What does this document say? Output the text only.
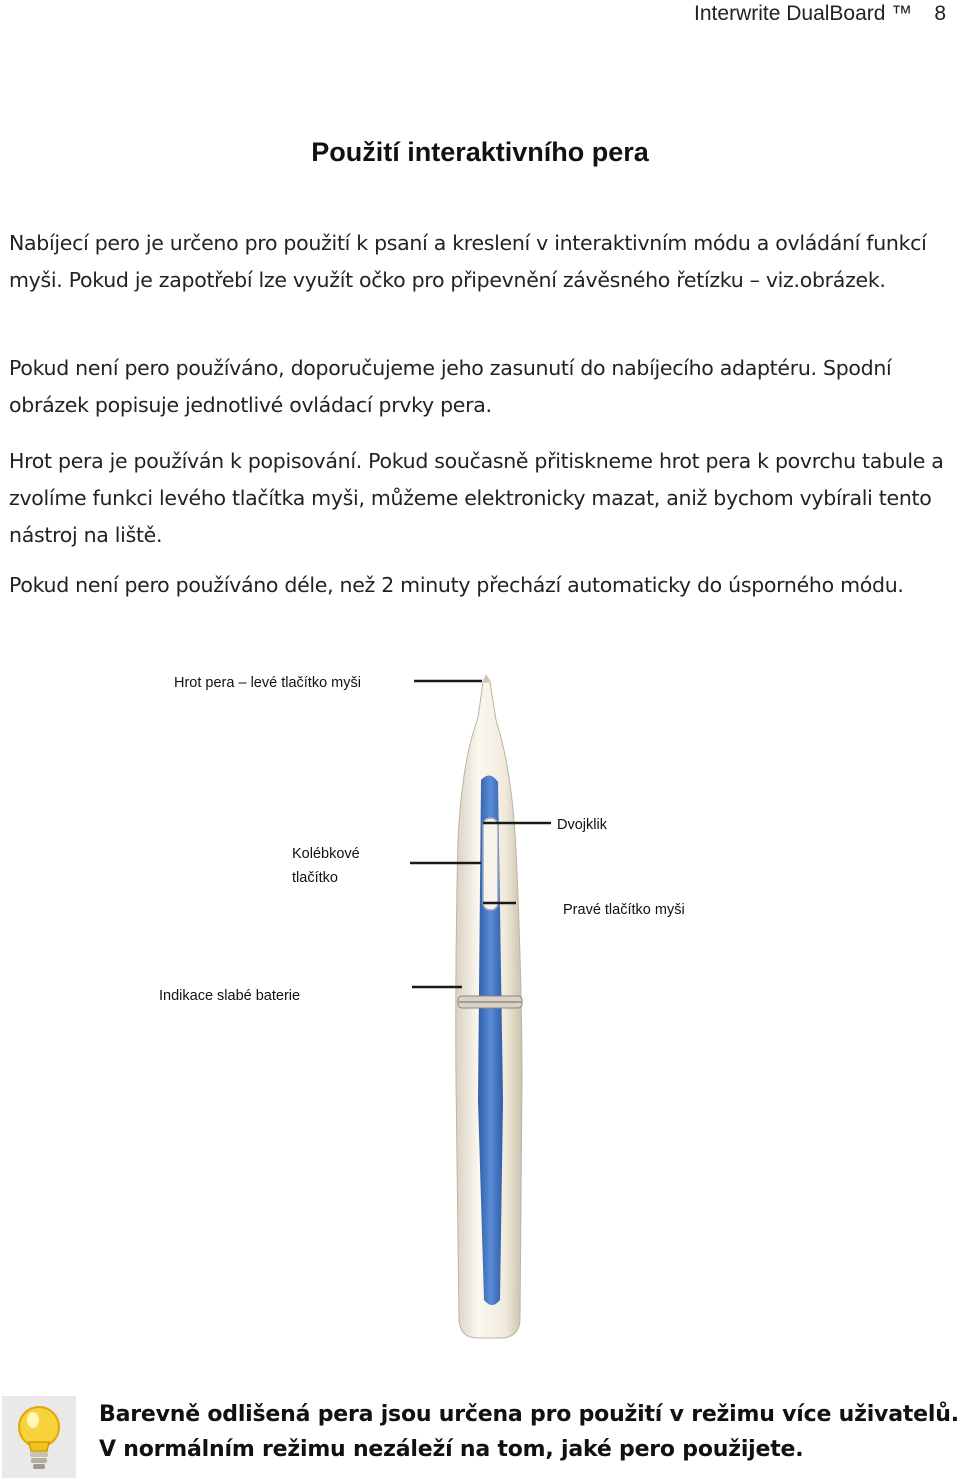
Interwrite DualBoard ™ 8
Použití interaktivního pera

Nabíjecí pero je určeno pro použití k psaní a kreslení v interaktivním módu a ovládání funkcí myši. Pokud je zapotřebí lze využít očko pro připevnění závěsného řetízku – viz.obrázek.

Pokud není pero používáno, doporučujeme jeho zasunutí do nabíjecího adaptéru. Spodní obrázek popisuje jednotlivé ovládací prvky pera.

Hrot pera je používán k popisování. Pokud současně přitiskneme hrot pera k povrchu tabule a zvolíme funkci levého tlačítka myši, můžeme elektronicky mazat, aniž bychom vybírali tento nástroj na liště.

Pokud není pero používáno déle, než 2 minuty přechází automaticky do úsporného módu.

Hrot pera – levé tlačítko myši
Dvojklik
Kolébkové tlačítko
Pravé tlačítko myši
Indikace slabé baterie
Barevně odlišená pera jsou určena pro použití v režimu více uživatelů. V normálním režimu nezáleží na tom, jaké pero použijete.
